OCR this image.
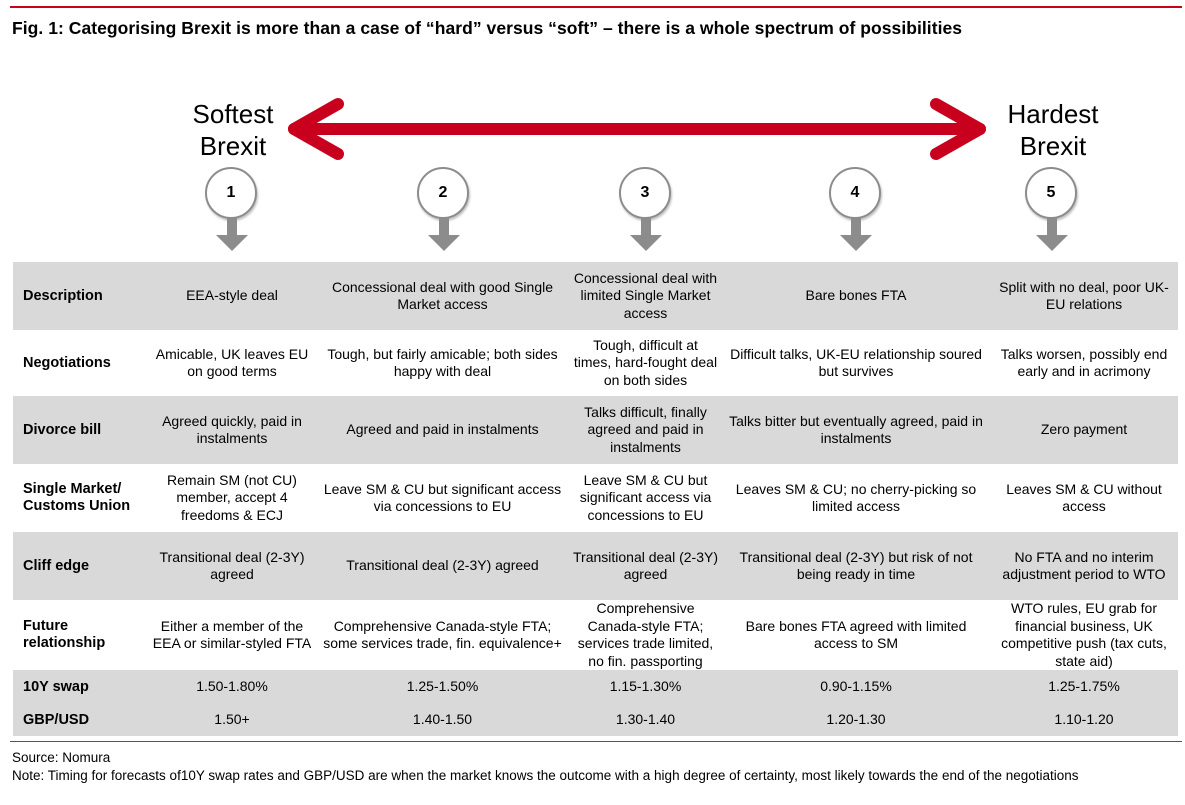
Fig. 1: Categorising Brexit is more than a case of “hard” versus “soft” – there is a whole spectrum of possibilities
Softest Brexit
Hardest Brexit
1	2	3	4	5
Description	EEA-style deal	Concessional deal with good Single Market access	Concessional deal with limited Single Market access	Bare bones FTA	Split with no deal, poor UK-EU relations
Negotiations	Amicable, UK leaves EU on good terms	Tough, but fairly amicable; both sides happy with deal	Tough, difficult at times, hard-fought deal on both sides	Difficult talks, UK-EU relationship soured but survives	Talks worsen, possibly end early and in acrimony
Divorce bill	Agreed quickly, paid in instalments	Agreed and paid in instalments	Talks difficult, finally agreed and paid in instalments	Talks bitter but eventually agreed, paid in instalments	Zero payment
Single Market/ Customs Union	Remain SM (not CU) member, accept 4 freedoms & ECJ	Leave SM & CU but significant access via concessions to EU	Leave SM & CU but significant access via concessions to EU	Leaves SM & CU; no cherry-picking so limited access	Leaves SM & CU without access
Cliff edge	Transitional deal (2-3Y) agreed	Transitional deal (2-3Y) agreed	Transitional deal (2-3Y) agreed	Transitional deal (2-3Y) but risk of not being ready in time	No FTA and no interim adjustment period to WTO
Future relationship	Either a member of the EEA or similar-styled FTA	Comprehensive Canada-style FTA; some services trade, fin. equivalence+	Comprehensive Canada-style FTA; services trade limited, no fin. passporting	Bare bones FTA agreed with limited access to SM	WTO rules, EU grab for financial business, UK competitive push (tax cuts, state aid)
10Y swap	1.50-1.80%	1.25-1.50%	1.15-1.30%	0.90-1.15%	1.25-1.75%
GBP/USD	1.50+	1.40-1.50	1.30-1.40	1.20-1.30	1.10-1.20
Source: Nomura
Note: Timing for forecasts of10Y swap rates and GBP/USD are when the market knows the outcome with a high degree of certainty, most likely towards the end of the negotiations
